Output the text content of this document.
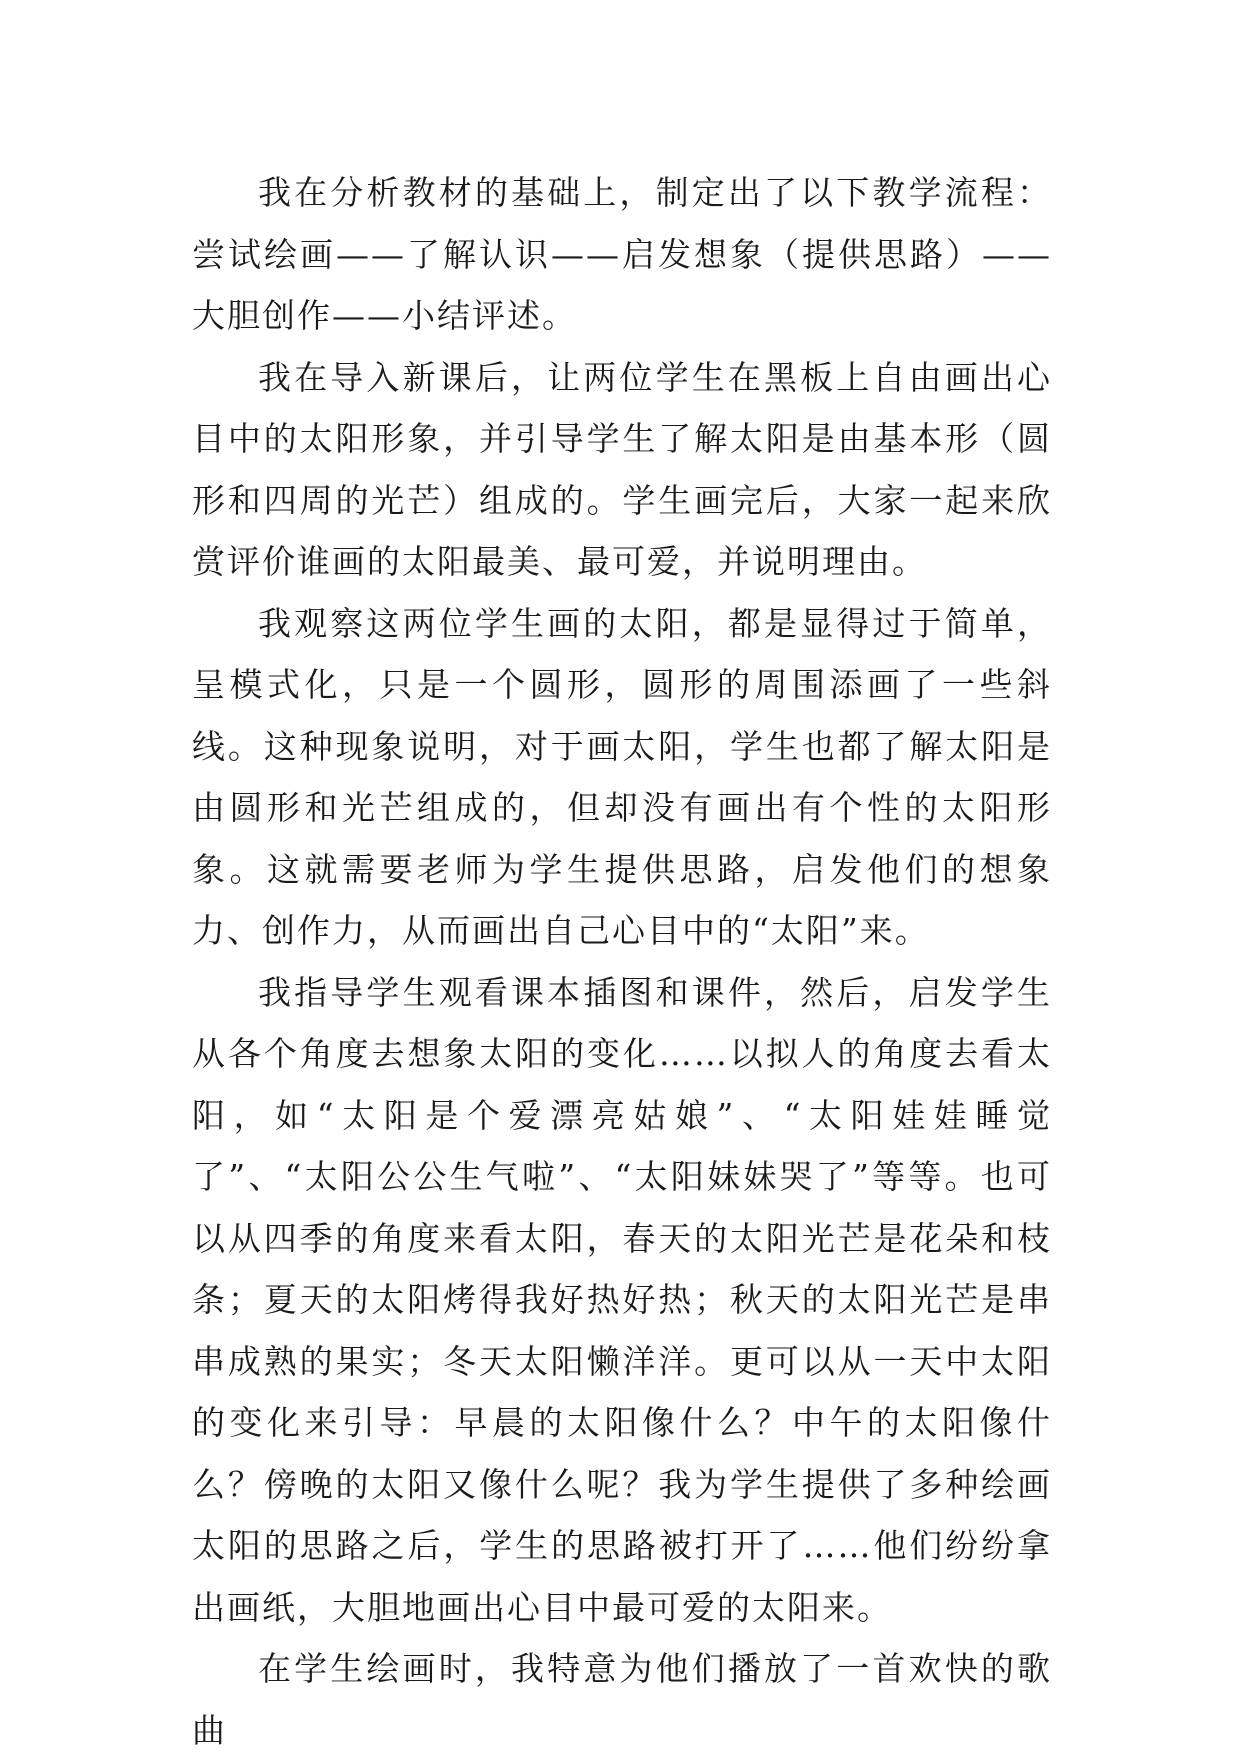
我在分析教材的基础上，制定出了以下教学流程：尝试绘画——了解认识——启发想象（提供思路）——大胆创作——小结评述。

我在导入新课后，让两位学生在黑板上自由画出心目中的太阳形象，并引导学生了解太阳是由基本形（圆形和四周的光芒）组成的。学生画完后，大家一起来欣赏评价谁画的太阳最美、最可爱，并说明理由。

我观察这两位学生画的太阳，都是显得过于简单，呈模式化，只是一个圆形，圆形的周围添画了一些斜线。这种现象说明，对于画太阳，学生也都了解太阳是由圆形和光芒组成的，但却没有画出有个性的太阳形象。这就需要老师为学生提供思路，启发他们的想象力、创作力，从而画出自己心目中的“太阳”来。

我指导学生观看课本插图和课件，然后，启发学生从各个角度去想象太阳的变化……以拟人的角度去看太阳，如“太阳是个爱漂亮姑娘”、“太阳娃娃睡觉了”、“太阳公公生气啦”、“太阳妹妹哭了”等等。也可以从四季的角度来看太阳，春天的太阳光芒是花朵和枝条；夏天的太阳烤得我好热好热；秋天的太阳光芒是串串成熟的果实；冬天太阳懒洋洋。更可以从一天中太阳的变化来引导：早晨的太阳像什么？中午的太阳像什么？傍晚的太阳又像什么呢？我为学生提供了多种绘画太阳的思路之后，学生的思路被打开了……他们纷纷拿出画纸，大胆地画出心目中最可爱的太阳来。

在学生绘画时，我特意为他们播放了一首欢快的歌曲
